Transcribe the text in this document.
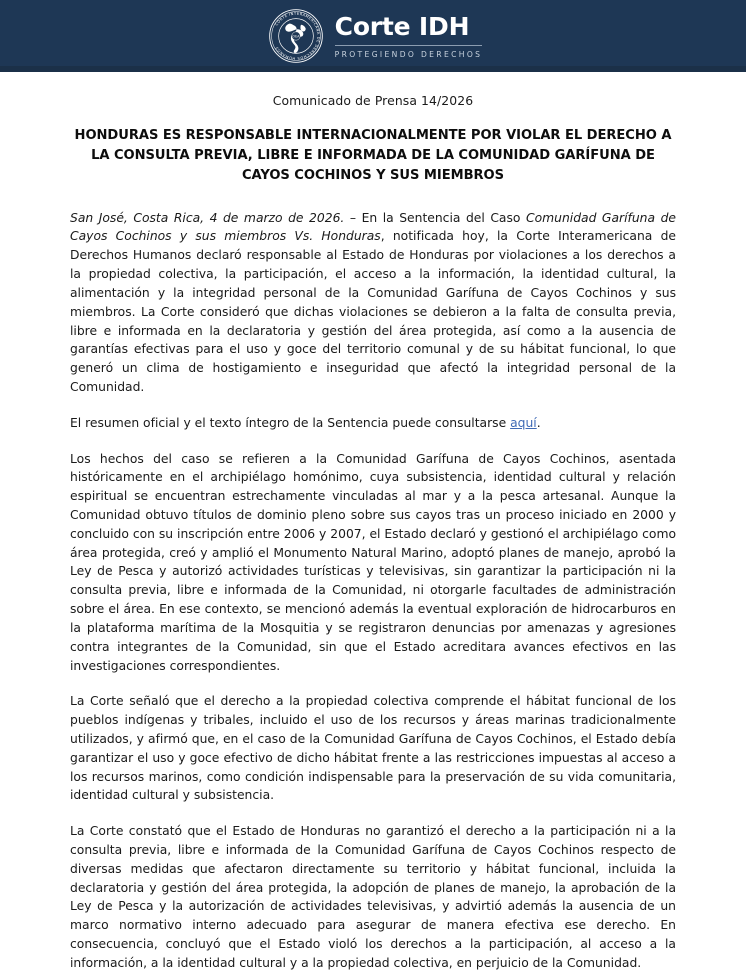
CORTE INTERAMERICANA DE DERECHOS HUMANOS
OEA Corte IDH
PROTEGIENDO DERECHOS
Comunicado de Prensa 14/2026
HONDURAS ES RESPONSABLE INTERNACIONALMENTE POR VIOLAR EL DERECHO A LA CONSULTA PREVIA, LIBRE E INFORMADA DE LA COMUNIDAD GARÍFUNA DE CAYOS COCHINOS Y SUS MIEMBROS

San José, Costa Rica, 4 de marzo de 2026. – En la Sentencia del Caso Comunidad Garífuna de Cayos Cochinos y sus miembros Vs. Honduras, notificada hoy, la Corte Interamericana de Derechos Humanos declaró responsable al Estado de Honduras por violaciones a los derechos a la propiedad colectiva, la participación, el acceso a la información, la identidad cultural, la alimentación y la integridad personal de la Comunidad Garífuna de Cayos Cochinos y sus miembros. La Corte consideró que dichas violaciones se debieron a la falta de consulta previa, libre e informada en la declaratoria y gestión del área protegida, así como a la ausencia de garantías efectivas para el uso y goce del territorio comunal y de su hábitat funcional, lo que generó un clima de hostigamiento e inseguridad que afectó la integridad personal de la Comunidad.

El resumen oficial y el texto íntegro de la Sentencia puede consultarse aquí.

Los hechos del caso se refieren a la Comunidad Garífuna de Cayos Cochinos, asentada históricamente en el archipiélago homónimo, cuya subsistencia, identidad cultural y relación espiritual se encuentran estrechamente vinculadas al mar y a la pesca artesanal. Aunque la Comunidad obtuvo títulos de dominio pleno sobre sus cayos tras un proceso iniciado en 2000 y concluido con su inscripción entre 2006 y 2007, el Estado declaró y gestionó el archipiélago como área protegida, creó y amplió el Monumento Natural Marino, adoptó planes de manejo, aprobó la Ley de Pesca y autorizó actividades turísticas y televisivas, sin garantizar la participación ni la consulta previa, libre e informada de la Comunidad, ni otorgarle facultades de administración sobre el área. En ese contexto, se mencionó además la eventual exploración de hidrocarburos en la plataforma marítima de la Mosquitia y se registraron denuncias por amenazas y agresiones contra integrantes de la Comunidad, sin que el Estado acreditara avances efectivos en las investigaciones correspondientes.

La Corte señaló que el derecho a la propiedad colectiva comprende el hábitat funcional de los pueblos indígenas y tribales, incluido el uso de los recursos y áreas marinas tradicionalmente utilizados, y afirmó que, en el caso de la Comunidad Garífuna de Cayos Cochinos, el Estado debía garantizar el uso y goce efectivo de dicho hábitat frente a las restricciones impuestas al acceso a los recursos marinos, como condición indispensable para la preservación de su vida comunitaria, identidad cultural y subsistencia.

La Corte constató que el Estado de Honduras no garantizó el derecho a la participación ni a la consulta previa, libre e informada de la Comunidad Garífuna de Cayos Cochinos respecto de diversas medidas que afectaron directamente su territorio y hábitat funcional, incluida la declaratoria y gestión del área protegida, la adopción de planes de manejo, la aprobación de la Ley de Pesca y la autorización de actividades televisivas, y advirtió además la ausencia de un marco normativo interno adecuado para asegurar de manera efectiva ese derecho. En consecuencia, concluyó que el Estado violó los derechos a la participación, al acceso a la información, a la identidad cultural y a la propiedad colectiva, en perjuicio de la Comunidad.
